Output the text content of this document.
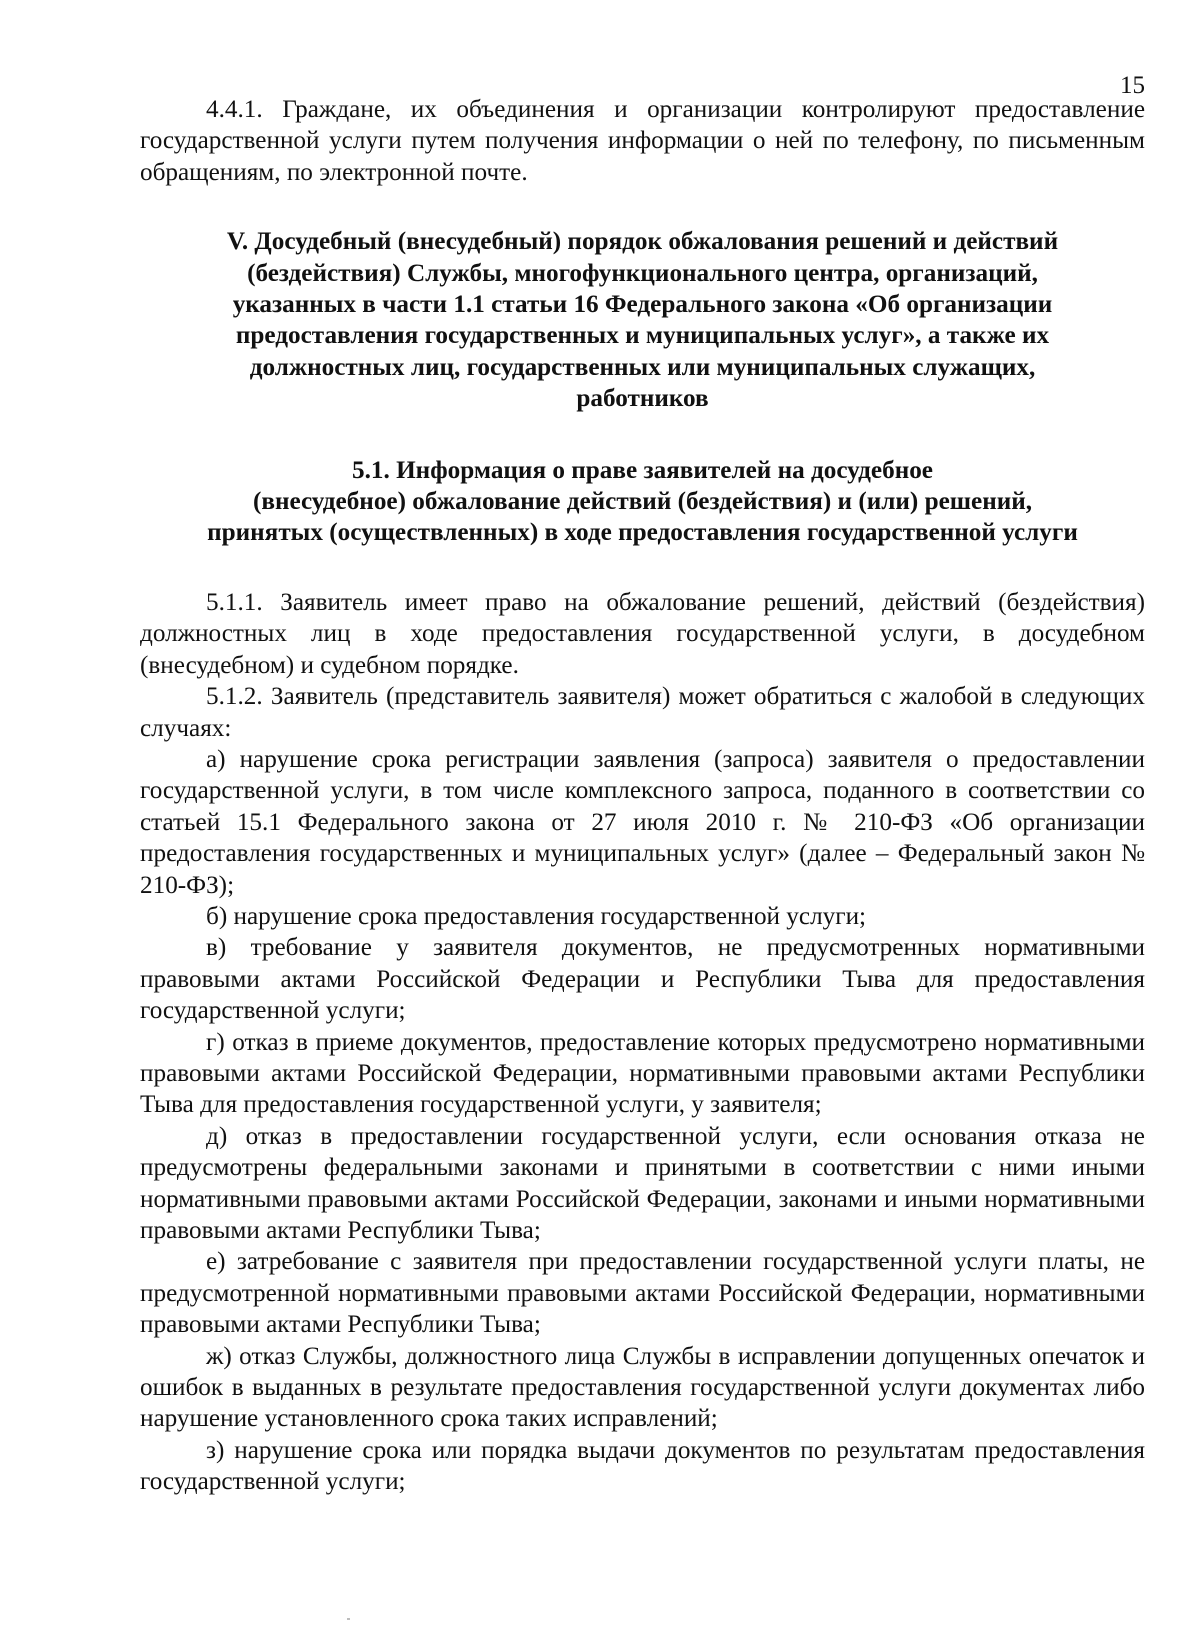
15

4.4.1. Граждане, их объединения и организации контролируют предоставление государственной услуги путем получения информации о ней по телефону, по письменным обращениям, по электронной почте.

V. Досудебный (внесудебный) порядок обжалования решений и действий
(бездействия) Службы, многофункционального центра, организаций,
указанных в части 1.1 статьи 16 Федерального закона «Об организации
предоставления государственных и муниципальных услуг», а также их
должностных лиц, государственных или муниципальных служащих,
работников
5.1. Информация о праве заявителей на досудебное
(внесудебное) обжалование действий (бездействия) и (или) решений,
принятых (осуществленных) в ходе предоставления государственной услуги

5.1.1. Заявитель имеет право на обжалование решений, действий (бездействия) должностных лиц в ходе предоставления государственной услуги, в досудебном (внесудебном) и судебном порядке.

5.1.2. Заявитель (представитель заявителя) может обратиться с жалобой в следующих случаях:

а) нарушение срока регистрации заявления (запроса) заявителя о предоставлении государственной услуги, в том числе комплексного запроса, поданного в соответствии со статьей 15.1 Федерального закона от 27 июля 2010 г. № 210-ФЗ «Об организации предоставления государственных и муниципальных услуг» (далее – Федеральный закон № 210-ФЗ);

б) нарушение срока предоставления государственной услуги;

в) требование у заявителя документов, не предусмотренных нормативными правовыми актами Российской Федерации и Республики Тыва для предоставления государственной услуги;

г) отказ в приеме документов, предоставление которых предусмотрено нормативными правовыми актами Российской Федерации, нормативными правовыми актами Республики Тыва для предоставления государственной услуги, у заявителя;

д) отказ в предоставлении государственной услуги, если основания отказа не предусмотрены федеральными законами и принятыми в соответствии с ними иными нормативными правовыми актами Российской Федерации, законами и иными нормативными правовыми актами Республики Тыва;

е) затребование с заявителя при предоставлении государственной услуги платы, не предусмотренной нормативными правовыми актами Российской Федерации, нормативными правовыми актами Республики Тыва;

ж) отказ Службы, должностного лица Службы в исправлении допущенных опечаток и ошибок в выданных в результате предоставления государственной услуги документах либо нарушение установленного срока таких исправлений;

з) нарушение срока или порядка выдачи документов по результатам предоставления государственной услуги;
